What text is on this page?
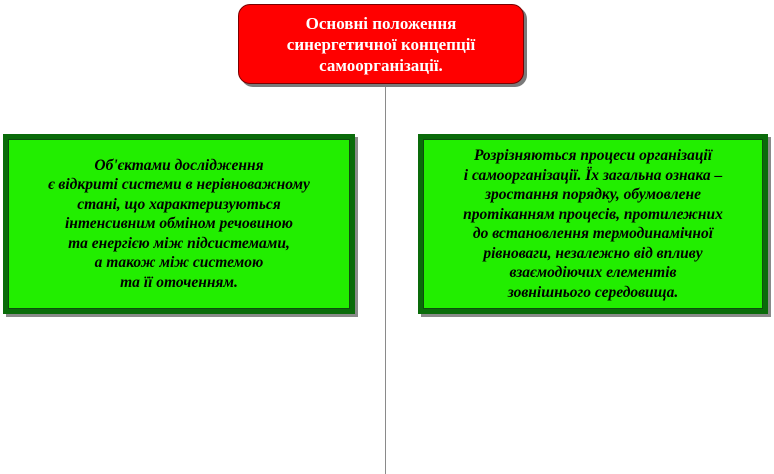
Основні положення
синергетичної концепції
самоорганізації.
Об'єктами дослідження
є відкриті системи в нерівноважному
стані, що характеризуються
інтенсивним обміном речовиною
та енергією між підсистемами,
а також між системою
та її оточенням.
Розрізняються процеси організації
і самоорганізації. Їх загальна ознака –
зростання порядку, обумовлене
протіканням процесів, протилежних
до встановлення термодинамічної
рівноваги, незалежно від впливу
взаємодіючих елементів
зовнішнього середовища.
